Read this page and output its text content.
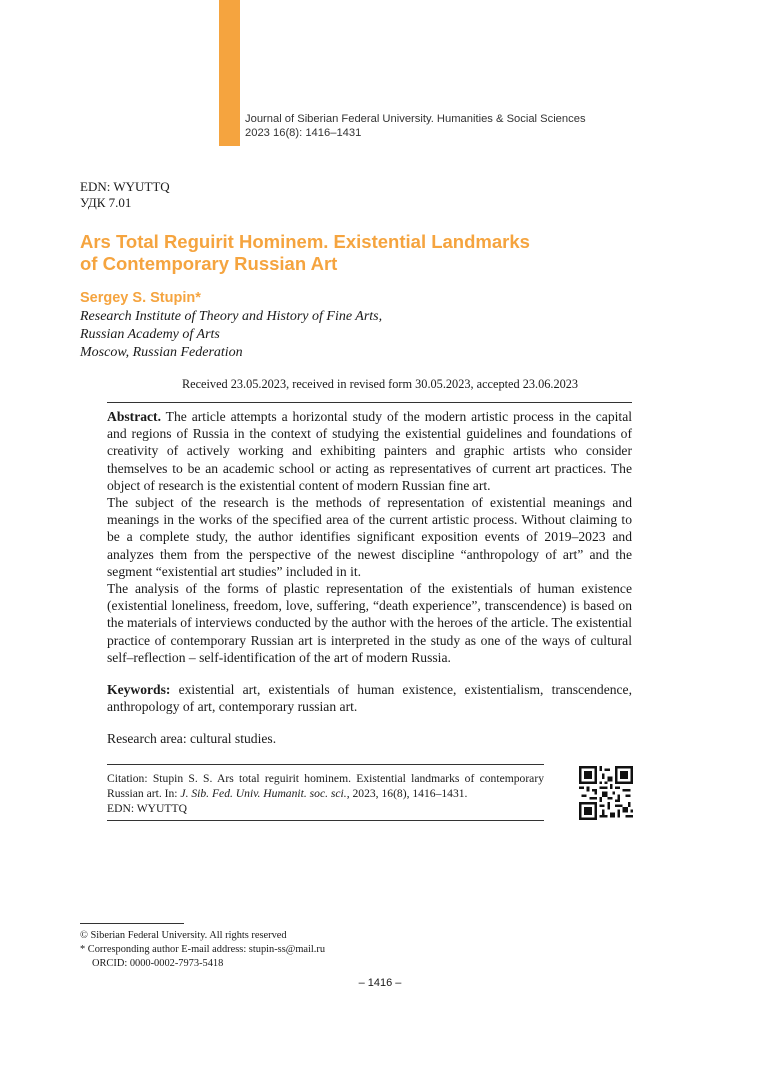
Journal of Siberian Federal University. Humanities & Social Sciences
2023 16(8): 1416–1431
EDN: WYUTTQ
УДК 7.01
Ars Total Reguirit Hominem. Existential Landmarks
of Contemporary Russian Art
Sergey S. Stupin*
Research Institute of Theory and History of Fine Arts,
Russian Academy of Arts
Moscow, Russian Federation
Received 23.05.2023, received in revised form 30.05.2023, accepted 23.06.2023

Abstract. The article attempts a horizontal study of the modern artistic process in the capital and regions of Russia in the context of studying the existential guidelines and foundations of creativity of actively working and exhibiting painters and graphic artists who consider themselves to be an academic school or acting as representatives of current art practices. The object of research is the existential content of modern Russian fine art.

The subject of the research is the methods of representation of existential meanings and meanings in the works of the specified area of the current artistic process. Without claiming to be a complete study, the author identifies significant exposition events of 2019–2023 and analyzes them from the perspective of the newest discipline “anthropology of art” and the segment “existential art studies” included in it.

The analysis of the forms of plastic representation of the existentials of human existence (existential loneliness, freedom, love, suffering, “death experience”, transcendence) is based on the materials of interviews conducted by the author with the heroes of the article. The existential practice of contemporary Russian art is interpreted in the study as one of the ways of cultural self–reflection – self-identification of the art of modern Russia.

Keywords: existential art, existentials of human existence, existentialism, transcendence, anthropology of art, contemporary russian art.
Research area: cultural studies.
Citation: Stupin S. S. Ars total reguirit hominem. Existential landmarks of contemporary Russian art. In: J. Sib. Fed. Univ. Humanit. soc. sci., 2023, 16(8), 1416–1431.
EDN: WYUTTQ
© Siberian Federal University. All rights reserved
* Corresponding author E-mail address: stupin-ss@mail.ru
ORCID: 0000-0002-7973-5418
– 1416 –
